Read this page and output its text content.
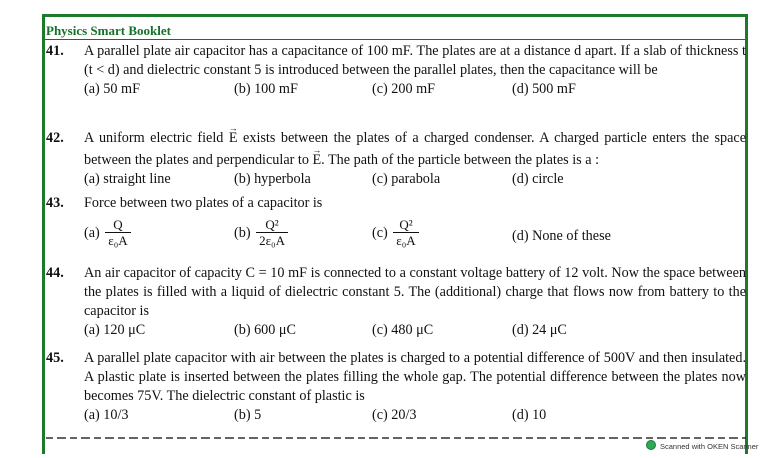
Physics Smart Booklet
41. A parallel plate air capacitor has a capacitance of 100 mF. The plates are at a distance d apart. If a slab of thickness t (t < d) and dielectric constant 5 is introduced between the parallel plates, then the capacitance will be
(a) 50 mF	(b) 100 mF	(c) 200 mF	(d) 500 mF
42. A uniform electric field → E exists between the plates of a charged condenser. A charged particle enters the space between the plates and perpendicular to → E. The path of the particle between the plates is a :
(a) straight line	(b) hyperbola	(c) parabola	(d) circle
43. Force between two plates of a capacitor is
$(a) \frac{Q}{\text{ε₀A}}$	$(b) \frac{\text{Q²}}{\text{2ε₀A}}$	$(c) \frac{\text{Q²}}{\text{ε₀A}}$	(d) None of these
44. An air capacitor of capacity C = 10 mF is connected to a constant voltage battery of 12 volt. Now the space between the plates is filled with a liquid of dielectric constant 5. The (additional) charge that flows now from battery to the capacitor is
(a) 120 μC	(b) 600 μC	(c) 480 μC	(d) 24 μC
45. A parallel plate capacitor with air between the plates is charged to a potential difference of 500V and then insulated. A plastic plate is inserted between the plates filling the whole gap. The potential difference between the plates now becomes 75V. The dielectric constant of plastic is
(a) 10/3	(b) 5	(c) 20/3	(d) 10
Scanned with OKEN Scanner
